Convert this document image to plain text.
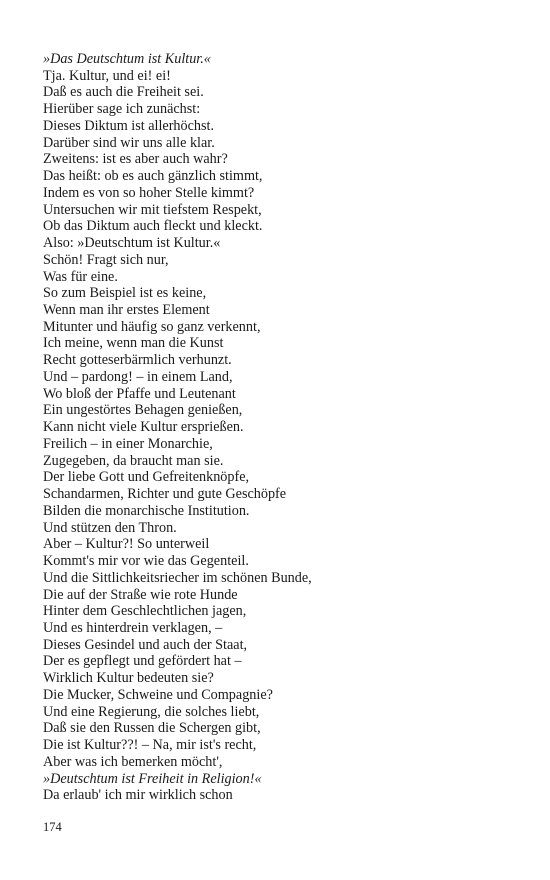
»Das Deutschtum ist Kultur.«
Tja. Kultur, und ei! ei!
Daß es auch die Freiheit sei.
Hierüber sage ich zunächst:
Dieses Diktum ist allerhöchst.
Darüber sind wir uns alle klar.
Zweitens: ist es aber auch wahr?
Das heißt: ob es auch gänzlich stimmt,
Indem es von so hoher Stelle kimmt?
Untersuchen wir mit tiefstem Respekt,
Ob das Diktum auch fleckt und kleckt.
Also: »Deutschtum ist Kultur.«
Schön! Fragt sich nur,
Was für eine.
So zum Beispiel ist es keine,
Wenn man ihr erstes Element
Mitunter und häufig so ganz verkennt,
Ich meine, wenn man die Kunst
Recht gotteserbärmlich verhunzt.
Und – pardong! – in einem Land,
Wo bloß der Pfaffe und Leutenant
Ein ungestörtes Behagen genießen,
Kann nicht viele Kultur ersprießen.
Freilich – in einer Monarchie,
Zugegeben, da braucht man sie.
Der liebe Gott und Gefreitenknöpfe,
Schandarmen, Richter und gute Geschöpfe
Bilden die monarchische Institution.
Und stützen den Thron.
Aber – Kultur?! So unterweil
Kommt's mir vor wie das Gegenteil.
Und die Sittlichkeitsriecher im schönen Bunde,
Die auf der Straße wie rote Hunde
Hinter dem Geschlechtlichen jagen,
Und es hinterdrein verklagen, –
Dieses Gesindel und auch der Staat,
Der es gepflegt und gefördert hat –
Wirklich Kultur bedeuten sie?
Die Mucker, Schweine und Compagnie?
Und eine Regierung, die solches liebt,
Daß sie den Russen die Schergen gibt,
Die ist Kultur??! – Na, mir ist's recht,
Aber was ich bemerken möcht',
»Deutschtum ist Freiheit in Religion!«
Da erlaub' ich mir wirklich schon
174
